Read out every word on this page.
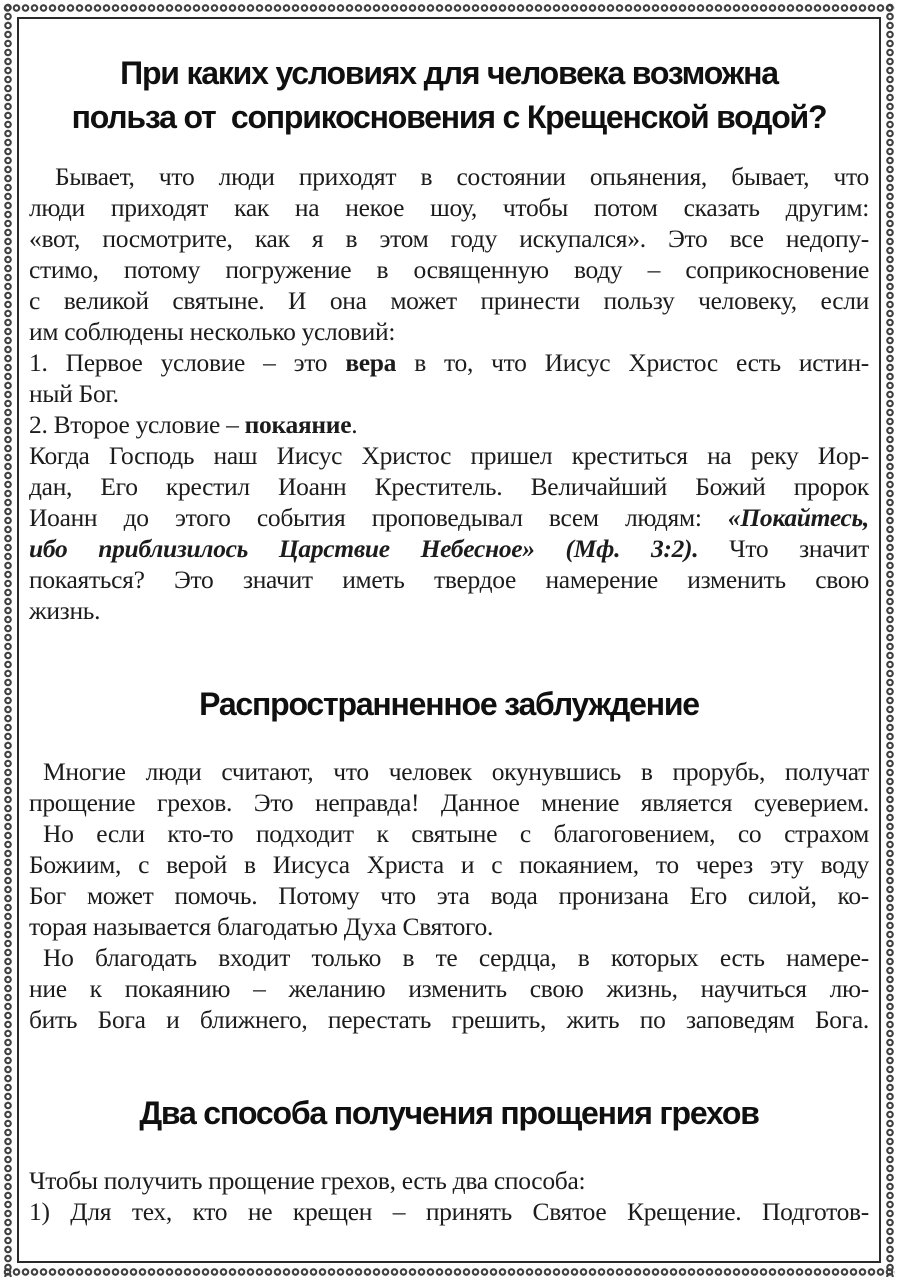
При каких условиях для человека возможна
польза от  соприкосновения с Крещенской водой?
Бывает, что люди приходят в состоянии опьянения, бывает, что
люди приходят как на некое шоу, чтобы потом сказать другим:
«вот, посмотрите, как я в этом году искупался». Это все недопу-
стимо, потому погружение в освященную воду – соприкосновение
с великой святыне. И она может принести пользу человеку, если
им соблюдены несколько условий:
1. Первое условие – это вера в то, что Иисус Христос есть истин-
ный Бог.
2. Второе условие – покаяние.
Когда Господь наш Иисус Христос пришел креститься на реку Иор-
дан, Его крестил Иоанн Креститель. Величайший Божий пророк
Иоанн до этого события проповедывал всем людям: «Покайтесь,
ибо приблизилось Царствие Небесное» (Мф. 3:2). Что значит
покаяться? Это значит иметь твердое намерение изменить свою
жизнь.
Распространненное заблуждение
Многие люди считают, что человек окунувшись в прорубь, получат
прощение грехов. Это неправда! Данное мнение является суеверием.
Но если кто-то подходит к святыне с благоговением, со страхом
Божиим, с верой в Иисуса Христа и с покаянием, то через эту воду
Бог может помочь. Потому что эта вода пронизана Его силой, ко-
торая называется благодатью Духа Святого.
Но благодать входит только в те сердца, в которых есть намере-
ние к покаянию – желанию изменить свою жизнь, научиться лю-
бить Бога и ближнего, перестать грешить, жить по заповедям Бога.
Два способа получения прощения грехов
Чтобы получить прощение грехов, есть два способа:
1) Для тех, кто не крещен – принять Святое Крещение. Подготов-
